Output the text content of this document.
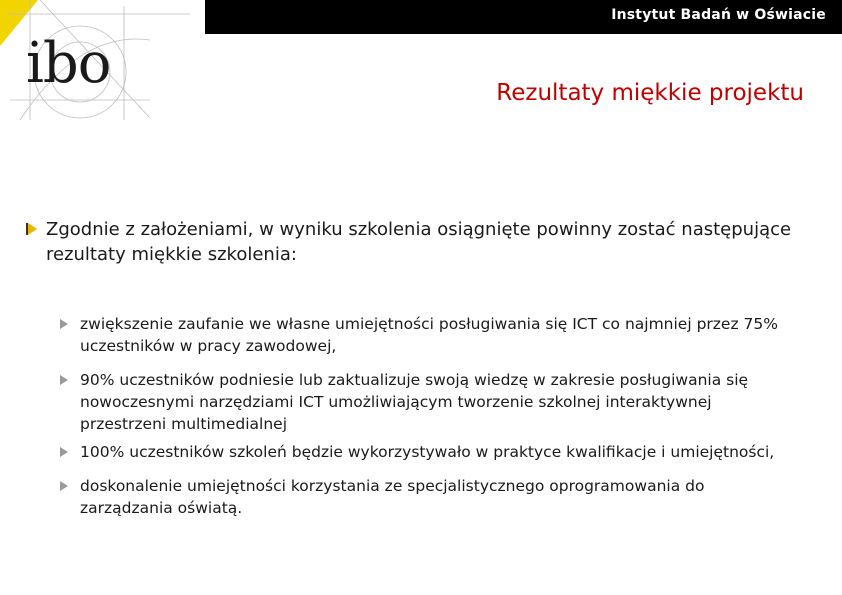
Instytut Badań w Oświacie
ibo	Rezultaty miękkie projektu
Zgodnie z założeniami, w wyniku szkolenia osiągnięte powinny zostać następujące rezultaty miękkie szkolenia:
zwiększenie zaufanie we własne umiejętności posługiwania się ICT co najmniej przez 75% uczestników w pracy zawodowej,
90% uczestników podniesie lub zaktualizuje swoją wiedzę w zakresie posługiwania się nowoczesnymi narzędziami ICT umożliwiającym tworzenie szkolnej interaktywnej przestrzeni multimedialnej
100% uczestników szkoleń będzie wykorzystywało w praktyce kwalifikacje i umiejętności,
doskonalenie umiejętności korzystania ze specjalistycznego oprogramowania do zarządzania oświatą.
